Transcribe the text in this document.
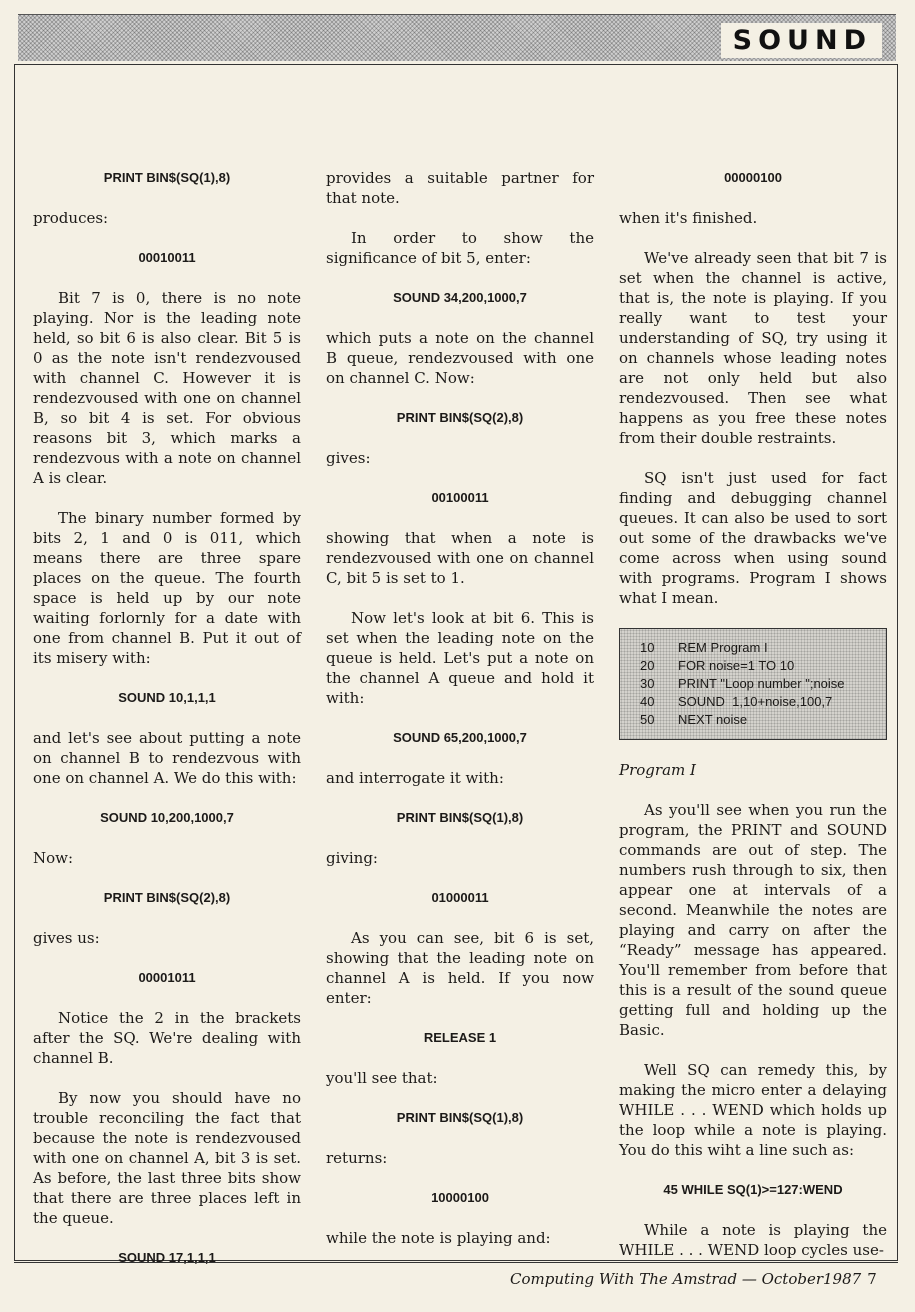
SOUND
PRINT BIN$(SQ(1),8)

produces:

00010011

Bit 7 is 0, there is no note playing. Nor is the leading note held, so bit 6 is also clear. Bit 5 is 0 as the note isn't rendezvoused with channel C. However it is rendezvoused with one on channel B, so bit 4 is set. For obvious reasons bit 3, which marks a rendezvous with a note on channel A is clear.

The binary number formed by bits 2, 1 and 0 is 011, which means there are three spare places on the queue. The fourth space is held up by our note waiting forlornly for a date with one from channel B. Put it out of its misery with:

SOUND 10,1,1,1

and let's see about putting a note on channel B to rendezvous with one on channel A. We do this with:

SOUND 10,200,1000,7

Now:

PRINT BIN$(SQ(2),8)

gives us:

00001011

Notice the 2 in the brackets after the SQ. We're dealing with channel B.

By now you should have no trouble reconciling the fact that because the note is rendezvoused with one on channel A, bit 3 is set. As before, the last three bits show that there are three places left in the queue.

SOUND 17,1,1,1

provides a suitable partner for that note.

In order to show the significance of bit 5, enter:

SOUND 34,200,1000,7

which puts a note on the channel B queue, rendezvoused with one on channel C. Now:

PRINT BIN$(SQ(2),8)

gives:

00100011

showing that when a note is rendezvoused with one on channel C, bit 5 is set to 1.

Now let's look at bit 6. This is set when the leading note on the queue is held. Let's put a note on the channel A queue and hold it with:

SOUND 65,200,1000,7

and interrogate it with:

PRINT BIN$(SQ(1),8)

giving:

01000011

As you can see, bit 6 is set, showing that the leading note on channel A is held. If you now enter:

RELEASE 1

you'll see that:

PRINT BIN$(SQ(1),8)

returns:

10000100

while the note is playing and:

00000100

when it's finished.

We've already seen that bit 7 is set when the channel is active, that is, the note is playing. If you really want to test your understanding of SQ, try using it on channels whose leading notes are not only held but also rendezvoused. Then see what happens as you free these notes from their double restraints.

SQ isn't just used for fact finding and debugging channel queues. It can also be used to sort out some of the drawbacks we've come across when using sound with programs. Program I shows what I mean.

10	REM Program I
20	FOR noise=1 TO 10
30	PRINT "Loop number ";noise
40	SOUND  1,10+noise,100,7
50	NEXT noise
Program I

As you'll see when you run the program, the PRINT and SOUND commands are out of step. The numbers rush through to six, then appear one at intervals of a second. Meanwhile the notes are playing and carry on after the “Ready” message has appeared. You'll remember from before that this is a result of the sound queue getting full and holding up the Basic.

Well SQ can remedy this, by making the micro enter a delaying WHILE . . . WEND which holds up the loop while a note is playing. You do this wiht a line such as:

45 WHILE SQ(1)>=127:WEND

While a note is playing the WHILE . . . WEND loop cycles use-

Computing With The Amstrad — October1987 7
